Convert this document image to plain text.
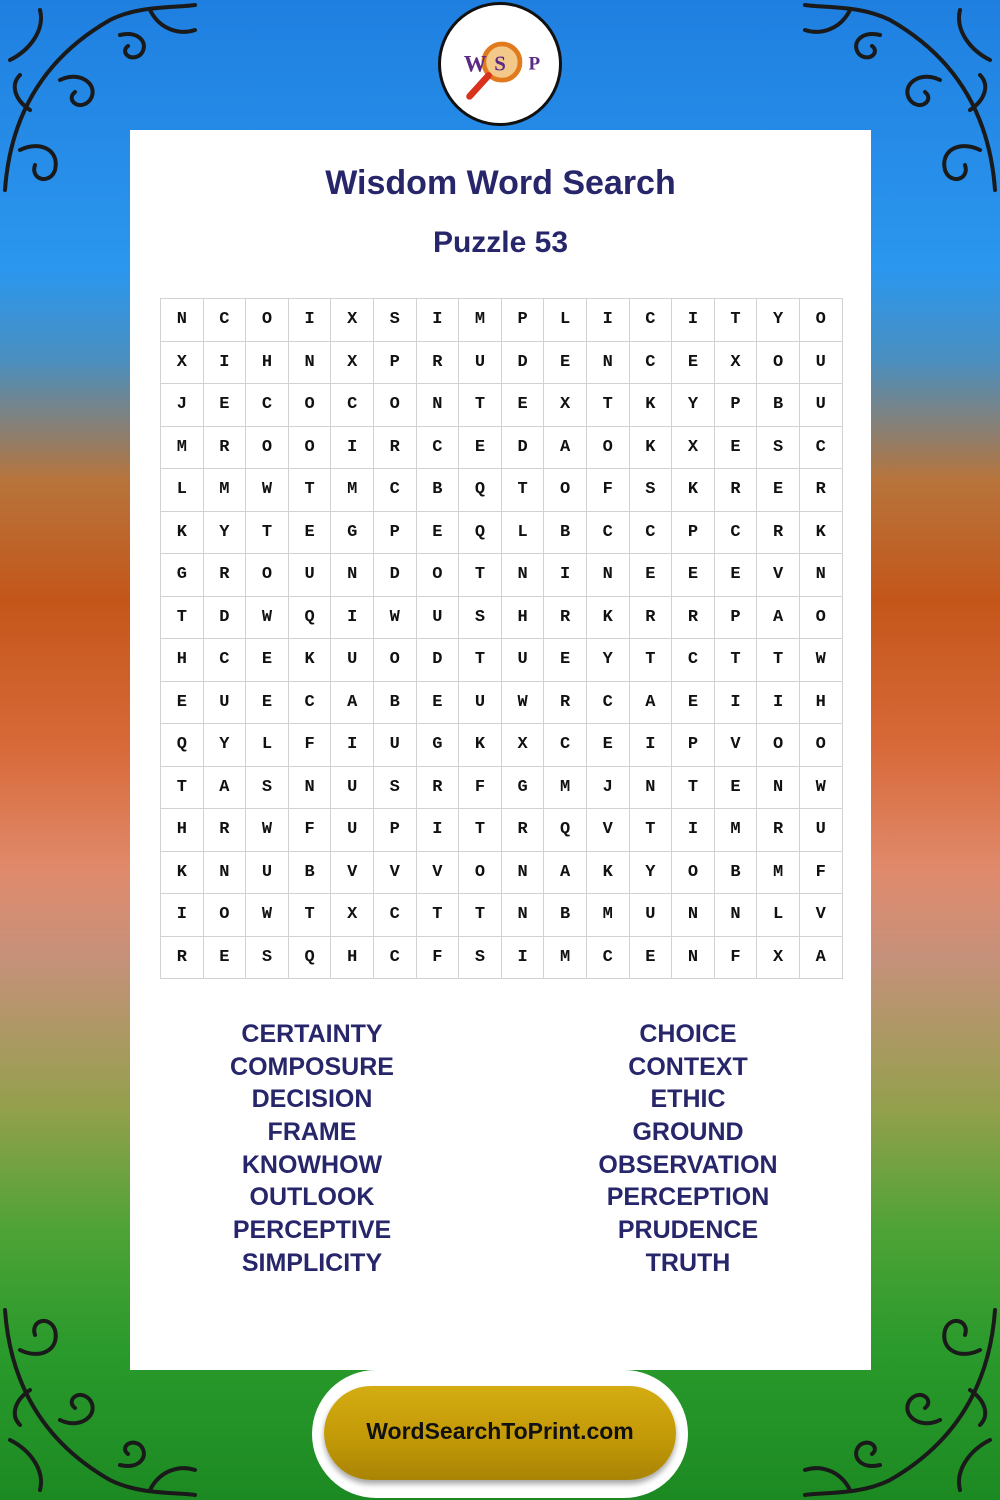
W S P
Wisdom Word Search
Puzzle 53
N	C	O	I	X	S	I	M	P	L	I	C	I	T	Y	O
X	I	H	N	X	P	R	U	D	E	N	C	E	X	O	U
J	E	C	O	C	O	N	T	E	X	T	K	Y	P	B	U
M	R	O	O	I	R	C	E	D	A	O	K	X	E	S	C
L	M	W	T	M	C	B	Q	T	O	F	S	K	R	E	R
K	Y	T	E	G	P	E	Q	L	B	C	C	P	C	R	K
G	R	O	U	N	D	O	T	N	I	N	E	E	E	V	N
T	D	W	Q	I	W	U	S	H	R	K	R	R	P	A	O
H	C	E	K	U	O	D	T	U	E	Y	T	C	T	T	W
E	U	E	C	A	B	E	U	W	R	C	A	E	I	I	H
Q	Y	L	F	I	U	G	K	X	C	E	I	P	V	O	O
T	A	S	N	U	S	R	F	G	M	J	N	T	E	N	W
H	R	W	F	U	P	I	T	R	Q	V	T	I	M	R	U
K	N	U	B	V	V	V	O	N	A	K	Y	O	B	M	F
I	O	W	T	X	C	T	T	N	B	M	U	N	N	L	V
R	E	S	Q	H	C	F	S	I	M	C	E	N	F	X	A
CERTAINTY
COMPOSURE
DECISION
FRAME
KNOWHOW
OUTLOOK
PERCEPTIVE
SIMPLICITY
CHOICE
CONTEXT
ETHIC
GROUND
OBSERVATION
PERCEPTION
PRUDENCE
TRUTH
WordSearchToPrint.com
